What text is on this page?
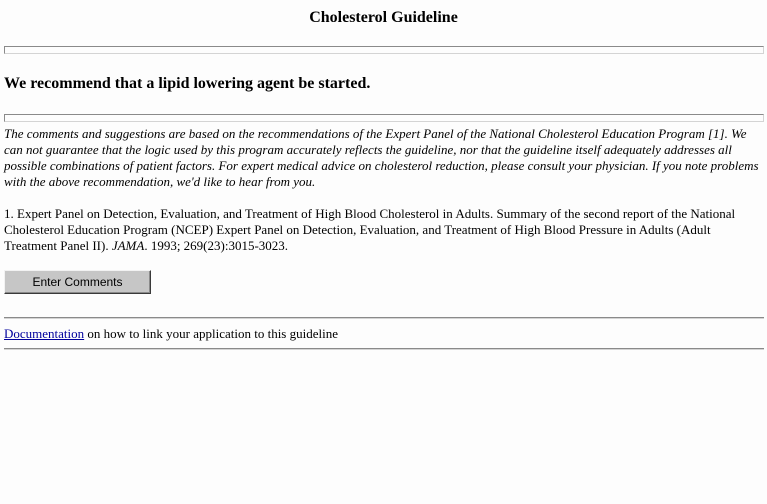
Cholesterol Guideline
We recommend that a lipid lowering agent be started.

The comments and suggestions are based on the recommendations of the Expert Panel of the National Cholesterol Education Program [1]. We can not guarantee that the logic used by this program accurately reflects the guideline, nor that the guideline itself adequately addresses all possible combinations of patient factors. For expert medical advice on cholesterol reduction, please consult your physician. If you note problems with the above recommendation, we'd like to hear from you.

1. Expert Panel on Detection, Evaluation, and Treatment of High Blood Cholesterol in Adults. Summary of the second report of the National Cholesterol Education Program (NCEP) Expert Panel on Detection, Evaluation, and Treatment of High Blood Pressure in Adults (Adult Treatment Panel II). JAMA. 1993; 269(23):3015-3023.

Enter Comments
Documentation on how to link your application to this guideline
